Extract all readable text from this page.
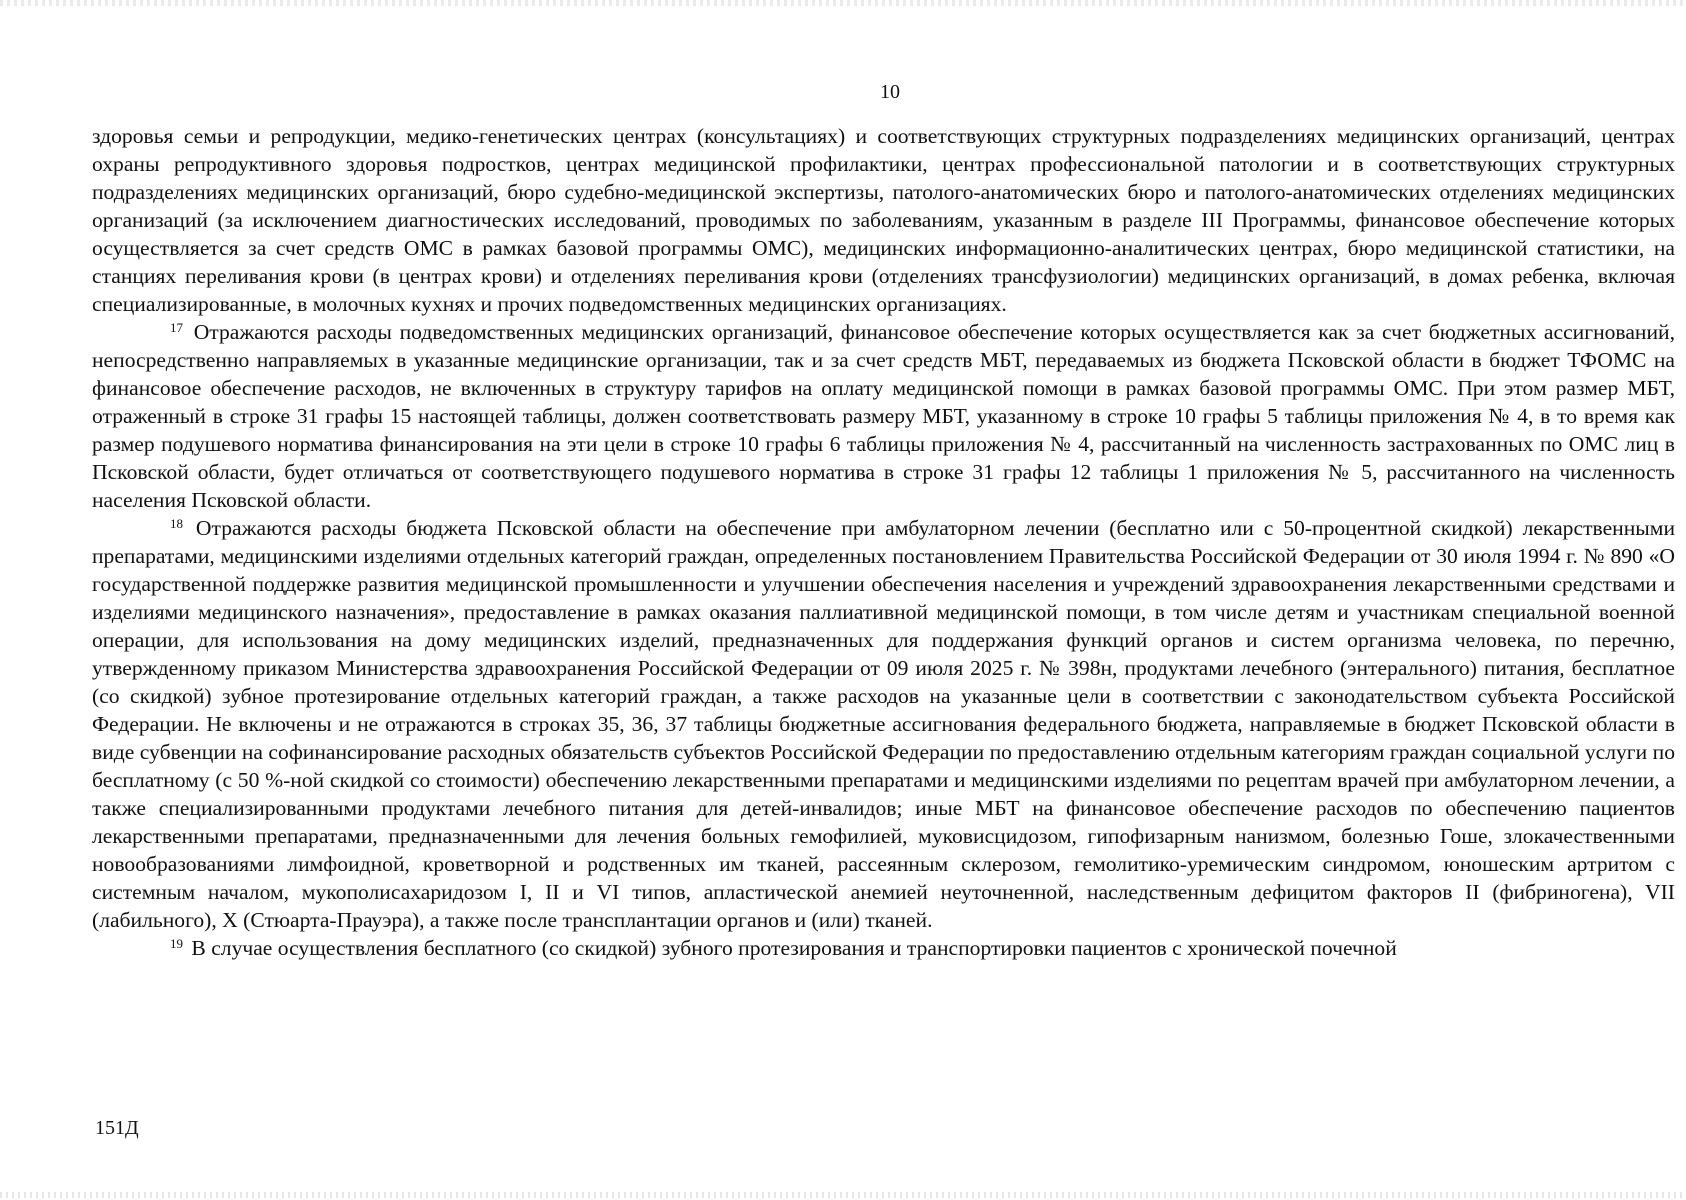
10

здоровья семьи и репродукции, медико-генетических центрах (консультациях) и соответствующих структурных подразделениях медицинских организаций, центрах охраны репродуктивного здоровья подростков, центрах медицинской профилактики, центрах профессиональной патологии и в соответствующих структурных подразделениях медицинских организаций, бюро судебно-медицинской экспертизы, патолого-анатомических бюро и патолого-анатомических отделениях медицинских организаций (за исключением диагностических исследований, проводимых по заболеваниям, указанным в разделе III Программы, финансовое обеспечение которых осуществляется за счет средств ОМС в рамках базовой программы ОМС), медицинских информационно-аналитических центрах, бюро медицинской статистики, на станциях переливания крови (в центрах крови) и отделениях переливания крови (отделениях трансфузиологии) медицинских организаций, в домах ребенка, включая специализированные, в молочных кухнях и прочих подведомственных медицинских организациях.

$^{17}$ Отражаются расходы подведомственных медицинских организаций, финансовое обеспечение которых осуществляется как за счет бюджетных ассигнований, непосредственно направляемых в указанные медицинские организации, так и за счет средств МБТ, передаваемых из бюджета Псковской области в бюджет ТФОМС на финансовое обеспечение расходов, не включенных в структуру тарифов на оплату медицинской помощи в рамках базовой программы ОМС. При этом размер МБТ, отраженный в строке 31 графы 15 настоящей таблицы, должен соответствовать размеру МБТ, указанному в строке 10 графы 5 таблицы приложения № 4, в то время как размер подушевого норматива финансирования на эти цели в строке 10 графы 6 таблицы приложения № 4, рассчитанный на численность застрахованных по ОМС лиц в Псковской области, будет отличаться от соответствующего подушевого норматива в строке 31 графы 12 таблицы 1 приложения № 5, рассчитанного на численность населения Псковской области.

$^{18}$ Отражаются расходы бюджета Псковской области на обеспечение при амбулаторном лечении (бесплатно или с 50-процентной скидкой) лекарственными препаратами, медицинскими изделиями отдельных категорий граждан, определенных постановлением Правительства Российской Федерации от 30 июля 1994 г. № 890 «О государственной поддержке развития медицинской промышленности и улучшении обеспечения населения и учреждений здравоохранения лекарственными средствами и изделиями медицинского назначения», предоставление в рамках оказания паллиативной медицинской помощи, в том числе детям и участникам специальной военной операции, для использования на дому медицинских изделий, предназначенных для поддержания функций органов и систем организма человека, по перечню, утвержденному приказом Министерства здравоохранения Российской Федерации от 09 июля 2025 г. № 398н, продуктами лечебного (энтерального) питания, бесплатное (со скидкой) зубное протезирование отдельных категорий граждан, а также расходов на указанные цели в соответствии с законодательством субъекта Российской Федерации. Не включены и не отражаются в строках 35, 36, 37 таблицы бюджетные ассигнования федерального бюджета, направляемые в бюджет Псковской области в виде субвенции на софинансирование расходных обязательств субъектов Российской Федерации по предоставлению отдельным категориям граждан социальной услуги по бесплатному (с 50 %-ной скидкой со стоимости) обеспечению лекарственными препаратами и медицинскими изделиями по рецептам врачей при амбулаторном лечении, а также специализированными продуктами лечебного питания для детей-инвалидов; иные МБТ на финансовое обеспечение расходов по обеспечению пациентов лекарственными препаратами, предназначенными для лечения больных гемофилией, муковисцидозом, гипофизарным нанизмом, болезнью Гоше, злокачественными новообразованиями лимфоидной, кроветворной и родственных им тканей, рассеянным склерозом, гемолитико-уремическим синдромом, юношеским артритом с системным началом, мукополисахаридозом I, II и VI типов, апластической анемией неуточненной, наследственным дефицитом факторов II (фибриногена), VII (лабильного), X (Стюарта-Прауэра), а также после трансплантации органов и (или) тканей.

$^{19}$ В случае осуществления бесплатного (со скидкой) зубного протезирования и транспортировки пациентов с хронической почечной

151Д
